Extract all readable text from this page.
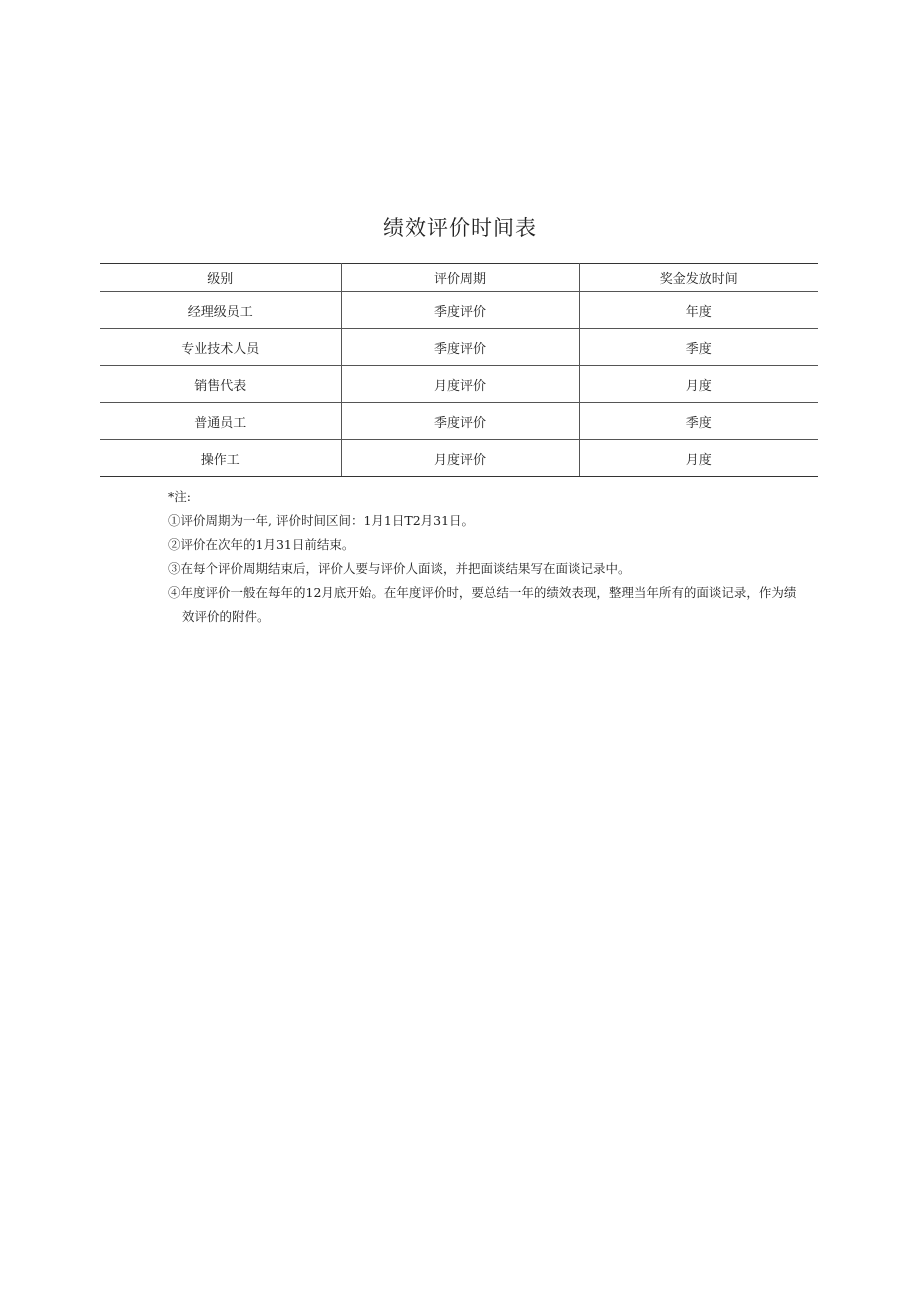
绩效评价时间表
级别	评价周期	奖金发放时间
经理级员工	季度评价	年度
专业技术人员	季度评价	季度
销售代表	月度评价	月度
普通员工	季度评价	季度
操作工	月度评价	月度

*注:

①评价周期为一年, 评价时间区间：1月1日T2月31日。

②评价在次年的1月31日前结束。

③在每个评价周期结束后，评价人要与评价人面谈，并把面谈结果写在面谈记录中。

④年度评价一般在每年的12月底开始。在年度评价时，要总结一年的绩效表现，整理当年所有的面谈记录，作为绩效评价的附件。
